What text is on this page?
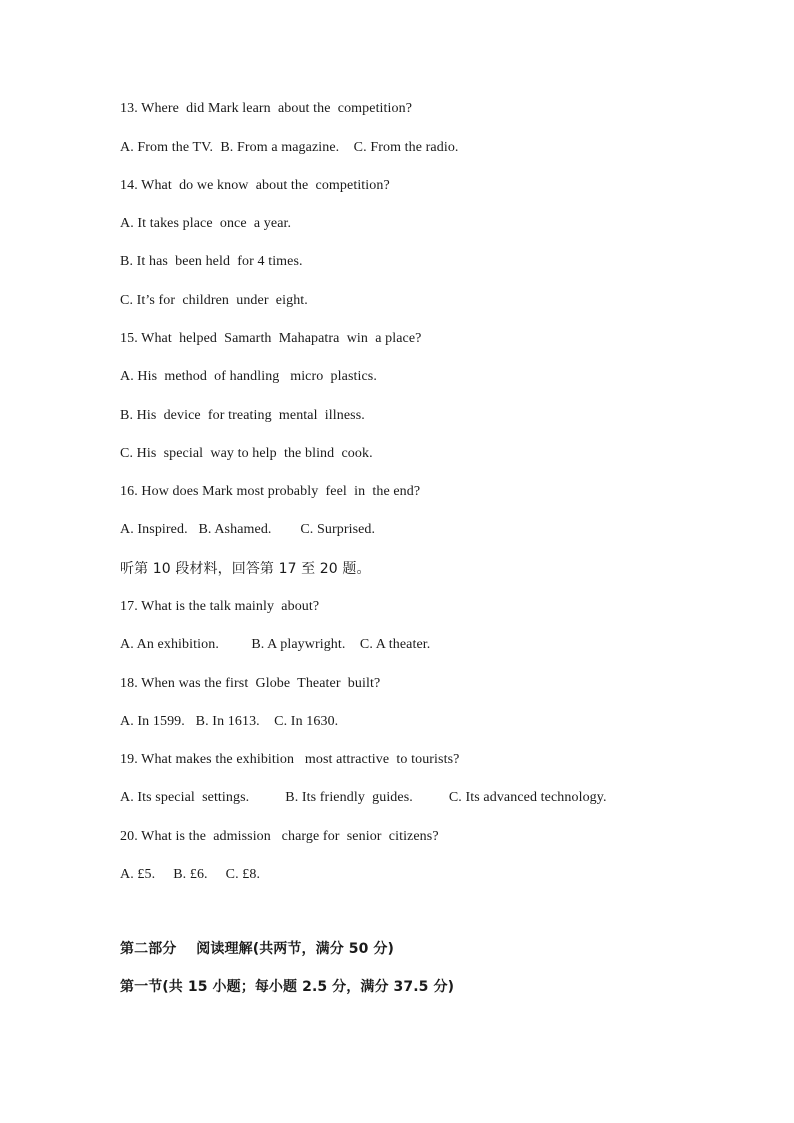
13. Where  did Mark learn  about the  competition?
A. From the TV.  B. From a magazine.    C. From the radio.
14. What  do we know  about the  competition?
A. It takes place  once  a year.
B. It has  been held  for 4 times.
C. It’s for  children  under  eight.
15. What  helped  Samarth  Mahapatra  win  a place?
A. His  method  of handling   micro  plastics.
B. His  device  for treating  mental  illness.
C. His  special  way to help  the blind  cook.
16. How does Mark most probably  feel  in  the end?
A. Inspired.   B. Ashamed.        C. Surprised.
听第 10 段材料，回答第 17 至 20 题。
17. What is the talk mainly  about?
A. An exhibition.         B. A playwright.    C. A theater.
18. When was the first  Globe  Theater  built?
A. In 1599.   B. In 1613.    C. In 1630.
19. What makes the exhibition   most attractive  to tourists?
A. Its special  settings.          B. Its friendly  guides.          C. Its advanced technology.
20. What is the  admission   charge for  senior  citizens?
A. £5.     B. £6.     C. £8.
第二部分    阅读理解(共两节，满分 50 分)
第一节(共 15 小题；每小题 2.5 分，满分 37.5 分)
